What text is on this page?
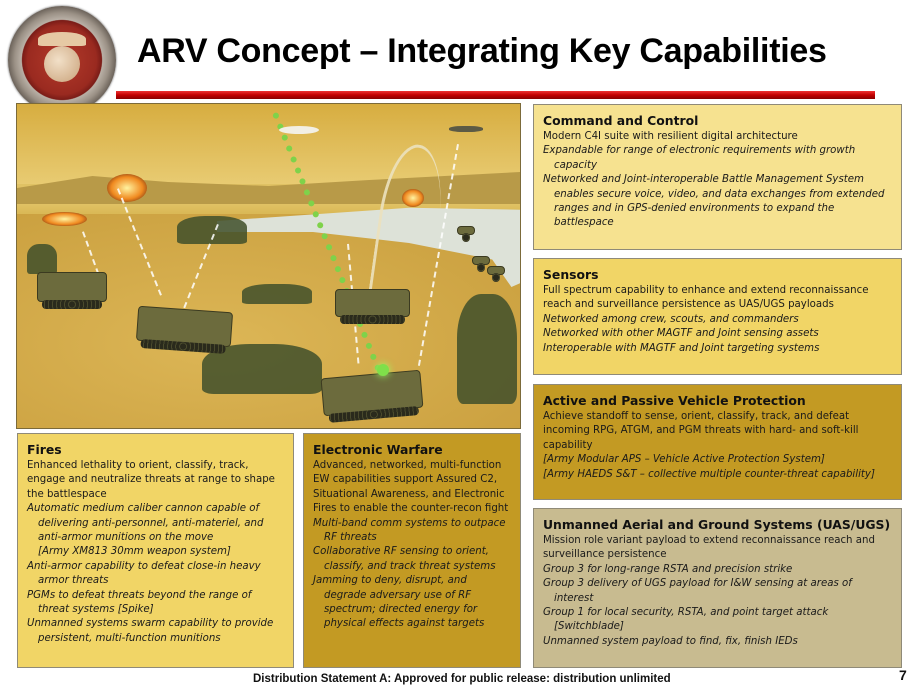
ARV Concept – Integrating Key Capabilities
Command and Control

Modern C4I suite with resilient digital architecture

Expandable for range of electronic requirements with growth capacity

Networked and Joint-interoperable Battle Management System enables secure voice, video, and data exchanges from extended ranges and in GPS-denied environments to expand the battlespace

Sensors

Full spectrum capability to enhance and extend reconnaissance reach and surveillance persistence as UAS/UGS payloads

Networked among crew, scouts, and commanders

Networked with other MAGTF and Joint sensing assets

Interoperable with MAGTF and Joint targeting systems

Active and Passive Vehicle Protection

Achieve standoff to sense, orient, classify, track, and defeat incoming RPG, ATGM, and PGM threats with hard- and soft-kill capability

[Army Modular APS – Vehicle Active Protection System]

[Army HAEDS S&T – collective multiple counter-threat capability]

Unmanned Aerial and Ground Systems (UAS/UGS)

Mission role variant payload to extend reconnaissance reach and surveillance persistence

Group 3 for long-range RSTA and precision strike

Group 3 delivery of UGS payload for I&W sensing at areas of interest

Group 1 for local security, RSTA, and point target attack [Switchblade]

Unmanned system payload to find, fix, finish IEDs

Fires

Enhanced lethality to orient, classify, track, engage and neutralize threats at range to shape the battlespace

Automatic medium caliber cannon capable of delivering anti-personnel, anti-materiel, and anti-armor munitions on the move

[Army XM813 30mm weapon system]

Anti-armor capability to defeat close-in heavy armor threats

PGMs to defeat threats beyond the range of threat systems [Spike]

Unmanned systems swarm capability to provide persistent, multi-function munitions

Electronic Warfare

Advanced, networked, multi-function EW capabilities support Assured C2, Situational Awareness, and Electronic Fires to enable the counter-recon fight

Multi-band comm systems to outpace RF threats

Collaborative RF sensing to orient, classify, and track threat systems

Jamming to deny, disrupt, and degrade adversary use of RF spectrum; directed energy for physical effects against targets

Distribution Statement A: Approved for public release: distribution unlimited	7
